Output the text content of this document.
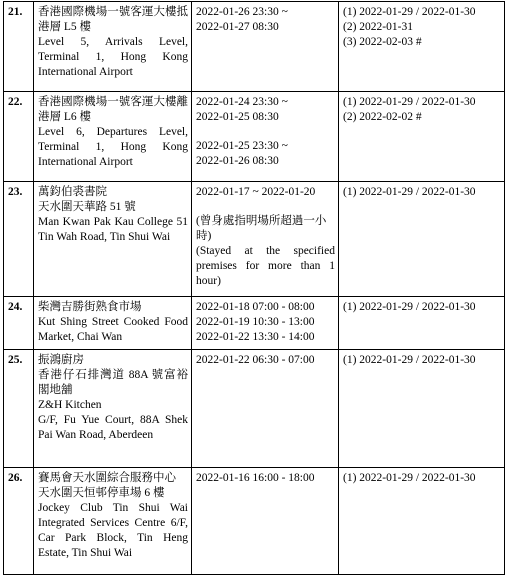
21.	香港國際機場一號客運大樓抵港層 L5 樓
Level 5, Arrivals Level, Terminal 1, Hong Kong International Airport	2022-01-26 23:30 ~
2022-01-27 08:30	(1) 2022-01-29 / 2022-01-30
(2) 2022-01-31
(3) 2022-02-03 #

22.	香港國際機場一號客運大樓離港層 L6 樓
Level 6, Departures Level, Terminal 1, Hong Kong International Airport	2022-01-24 23:30 ~
2022-01-25 08:30
2022-01-25 23:30 ~
2022-01-26 08:30	(1) 2022-01-29 / 2022-01-30
(2) 2022-02-02 #

23.	萬鈞伯裘書院
天水圍天華路 51 號
Man Kwan Pak Kau College 51 Tin Wah Road, Tin Shui Wai	2022-01-17 ~ 2022-01-20
(曾身處指明場所超過一小時)
(Stayed at the specified premises for more than 1 hour)	(1) 2022-01-29 / 2022-01-30

24.	柴灣吉勝街熟食市場
Kut Shing Street Cooked Food Market, Chai Wan	2022-01-18 07:00 - 08:00
2022-01-19 10:30 - 13:00
2022-01-22 13:30 - 14:00	(1) 2022-01-29 / 2022-01-30

25.	振鴻廚房
香港仔石排灣道 88A 號富裕閣地舖
Z&H Kitchen
G/F, Fu Yue Court, 88A Shek Pai Wan Road, Aberdeen	2022-01-22 06:30 - 07:00	(1) 2022-01-29 / 2022-01-30

26.	賽馬會天水圍綜合服務中心
天水圍天恒邨停車場 6 樓
Jockey Club Tin Shui Wai Integrated Services Centre 6/F, Car Park Block, Tin Heng Estate, Tin Shui Wai	2022-01-16 16:00 - 18:00	(1) 2022-01-29 / 2022-01-30
